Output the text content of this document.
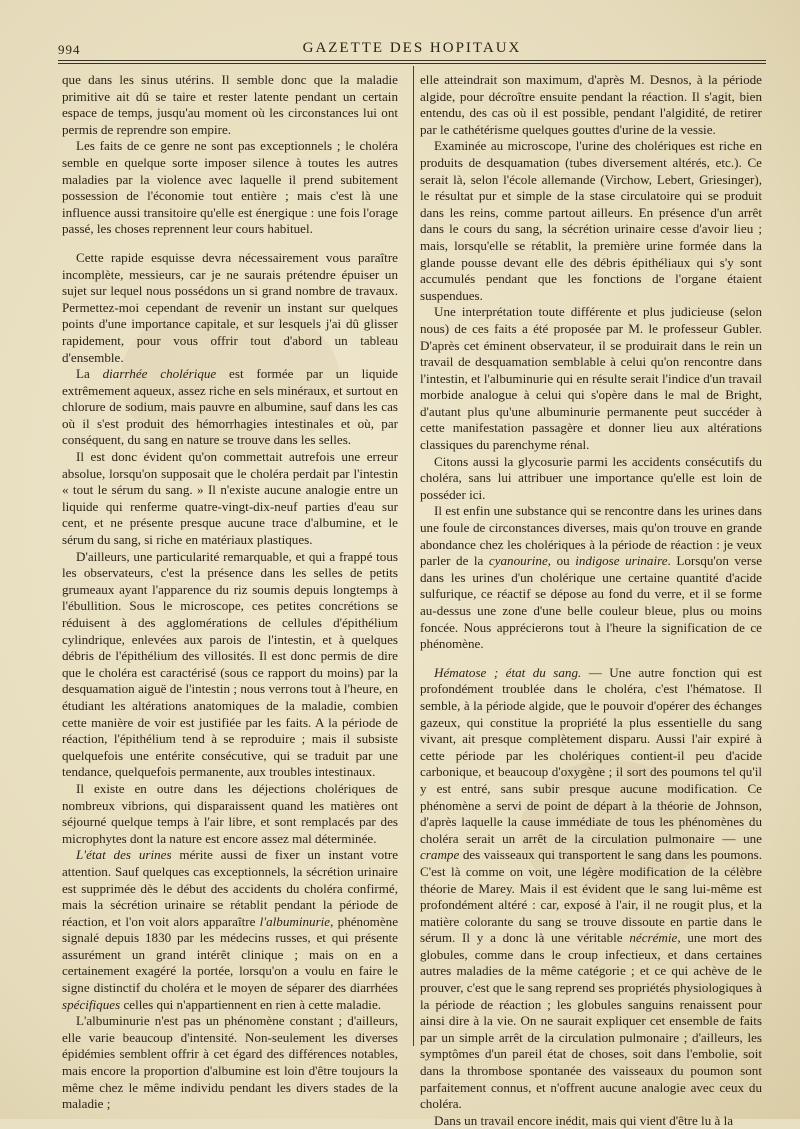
994	GAZETTE DES HOPITAUX

que dans les sinus utérins. Il semble donc que la maladie primitive ait dû se taire et rester latente pendant un certain espace de temps, jusqu'au moment où les circonstances lui ont permis de reprendre son empire.

Les faits de ce genre ne sont pas exceptionnels ; le choléra semble en quelque sorte imposer silence à toutes les autres maladies par la violence avec laquelle il prend subitement possession de l'économie tout entière ; mais c'est là une influence aussi transitoire qu'elle est énergique : une fois l'orage passé, les choses reprennent leur cours habituel.

Cette rapide esquisse devra nécessairement vous paraître incomplète, messieurs, car je ne saurais prétendre épuiser un sujet sur lequel nous possédons un si grand nombre de travaux. Permettez-moi cependant de revenir un instant sur quelques points d'une importance capitale, et sur lesquels j'ai dû glisser rapidement, pour vous offrir tout d'abord un tableau d'ensemble.

La diarrhée cholérique est formée par un liquide extrêmement aqueux, assez riche en sels minéraux, et surtout en chlorure de sodium, mais pauvre en albumine, sauf dans les cas où il s'est produit des hémorrhagies intestinales et où, par conséquent, du sang en nature se trouve dans les selles.

Il est donc évident qu'on commettait autrefois une erreur absolue, lorsqu'on supposait que le choléra perdait par l'intestin « tout le sérum du sang. » Il n'existe aucune analogie entre un liquide qui renferme quatre-vingt-dix-neuf parties d'eau sur cent, et ne présente presque aucune trace d'albumine, et le sérum du sang, si riche en matériaux plastiques.

D'ailleurs, une particularité remarquable, et qui a frappé tous les observateurs, c'est la présence dans les selles de petits grumeaux ayant l'apparence du riz soumis depuis longtemps à l'ébullition. Sous le microscope, ces petites concrétions se réduisent à des agglomérations de cellules d'épithélium cylindrique, enlevées aux parois de l'intestin, et à quelques débris de l'épithélium des villosités. Il est donc permis de dire que le choléra est caractérisé (sous ce rapport du moins) par la desquamation aiguë de l'intestin ; nous verrons tout à l'heure, en étudiant les altérations anatomiques de la maladie, combien cette manière de voir est justifiée par les faits. A la période de réaction, l'épithélium tend à se reproduire ; mais il subsiste quelquefois une entérite consécutive, qui se traduit par une tendance, quelquefois permanente, aux troubles intestinaux.

Il existe en outre dans les déjections cholériques de nombreux vibrions, qui disparaissent quand les matières ont séjourné quelque temps à l'air libre, et sont remplacés par des microphytes dont la nature est encore assez mal déterminée.

L'état des urines mérite aussi de fixer un instant votre attention. Sauf quelques cas exceptionnels, la sécrétion urinaire est supprimée dès le début des accidents du choléra confirmé, mais la sécrétion urinaire se rétablit pendant la période de réaction, et l'on voit alors apparaître l'albuminurie, phénomène signalé depuis 1830 par les médecins russes, et qui présente assurément un grand intérêt clinique ; mais on en a certainement exagéré la portée, lorsqu'on a voulu en faire le signe distinctif du choléra et le moyen de séparer des diarrhées spécifiques celles qui n'appartiennent en rien à cette maladie.

L'albuminurie n'est pas un phénomène constant ; d'ailleurs, elle varie beaucoup d'intensité. Non-seulement les diverses épidémies semblent offrir à cet égard des différences notables, mais encore la proportion d'albumine est loin d'être toujours la même chez le même individu pendant les divers stades de la maladie ;

elle atteindrait son maximum, d'après M. Desnos, à la période algide, pour décroître ensuite pendant la réaction. Il s'agit, bien entendu, des cas où il est possible, pendant l'algidité, de retirer par le cathétérisme quelques gouttes d'urine de la vessie.

Examinée au microscope, l'urine des cholériques est riche en produits de desquamation (tubes diversement altérés, etc.). Ce serait là, selon l'école allemande (Virchow, Lebert, Griesinger), le résultat pur et simple de la stase circulatoire qui se produit dans les reins, comme partout ailleurs. En présence d'un arrêt dans le cours du sang, la sécrétion urinaire cesse d'avoir lieu ; mais, lorsqu'elle se rétablit, la première urine formée dans la glande pousse devant elle des débris épithéliaux qui s'y sont accumulés pendant que les fonctions de l'organe étaient suspendues.

Une interprétation toute différente et plus judicieuse (selon nous) de ces faits a été proposée par M. le professeur Gubler. D'après cet éminent observateur, il se produirait dans le rein un travail de desquamation semblable à celui qu'on rencontre dans l'intestin, et l'albuminurie qui en résulte serait l'indice d'un travail morbide analogue à celui qui s'opère dans le mal de Bright, d'autant plus qu'une albuminurie permanente peut succéder à cette manifestation passagère et donner lieu aux altérations classiques du parenchyme rénal.

Citons aussi la glycosurie parmi les accidents consécutifs du choléra, sans lui attribuer une importance qu'elle est loin de posséder ici.

Il est enfin une substance qui se rencontre dans les urines dans une foule de circonstances diverses, mais qu'on trouve en grande abondance chez les cholériques à la période de réaction : je veux parler de la cyanourine, ou indigose urinaire. Lorsqu'on verse dans les urines d'un cholérique une certaine quantité d'acide sulfurique, ce réactif se dépose au fond du verre, et il se forme au-dessus une zone d'une belle couleur bleue, plus ou moins foncée. Nous apprécierons tout à l'heure la signification de ce phénomène.

Hématose ; état du sang. — Une autre fonction qui est profondément troublée dans le choléra, c'est l'hématose. Il semble, à la période algide, que le pouvoir d'opérer des échanges gazeux, qui constitue la propriété la plus essentielle du sang vivant, ait presque complètement disparu. Aussi l'air expiré à cette période par les cholériques contient-il peu d'acide carbonique, et beaucoup d'oxygène ; il sort des poumons tel qu'il y est entré, sans subir presque aucune modification. Ce phénomène a servi de point de départ à la théorie de Johnson, d'après laquelle la cause immédiate de tous les phénomènes du choléra serait un arrêt de la circulation pulmonaire — une crampe des vaisseaux qui transportent le sang dans les poumons. C'est là comme on voit, une légère modification de la célèbre théorie de Marey. Mais il est évident que le sang lui-même est profondément altéré : car, exposé à l'air, il ne rougit plus, et la matière colorante du sang se trouve dissoute en partie dans le sérum. Il y a donc là une véritable nécrémie, une mort des globules, comme dans le croup infectieux, et dans certaines autres maladies de la même catégorie ; et ce qui achève de le prouver, c'est que le sang reprend ses propriétés physiologiques à la période de réaction ; les globules sanguins renaissent pour ainsi dire à la vie. On ne saurait expliquer cet ensemble de faits par un simple arrêt de la circulation pulmonaire ; d'ailleurs, les symptômes d'un pareil état de choses, soit dans l'embolie, soit dans la thrombose spontanée des vaisseaux du poumon sont parfaitement connus, et n'offrent aucune analogie avec ceux du choléra.

Dans un travail encore inédit, mais qui vient d'être lu à la
